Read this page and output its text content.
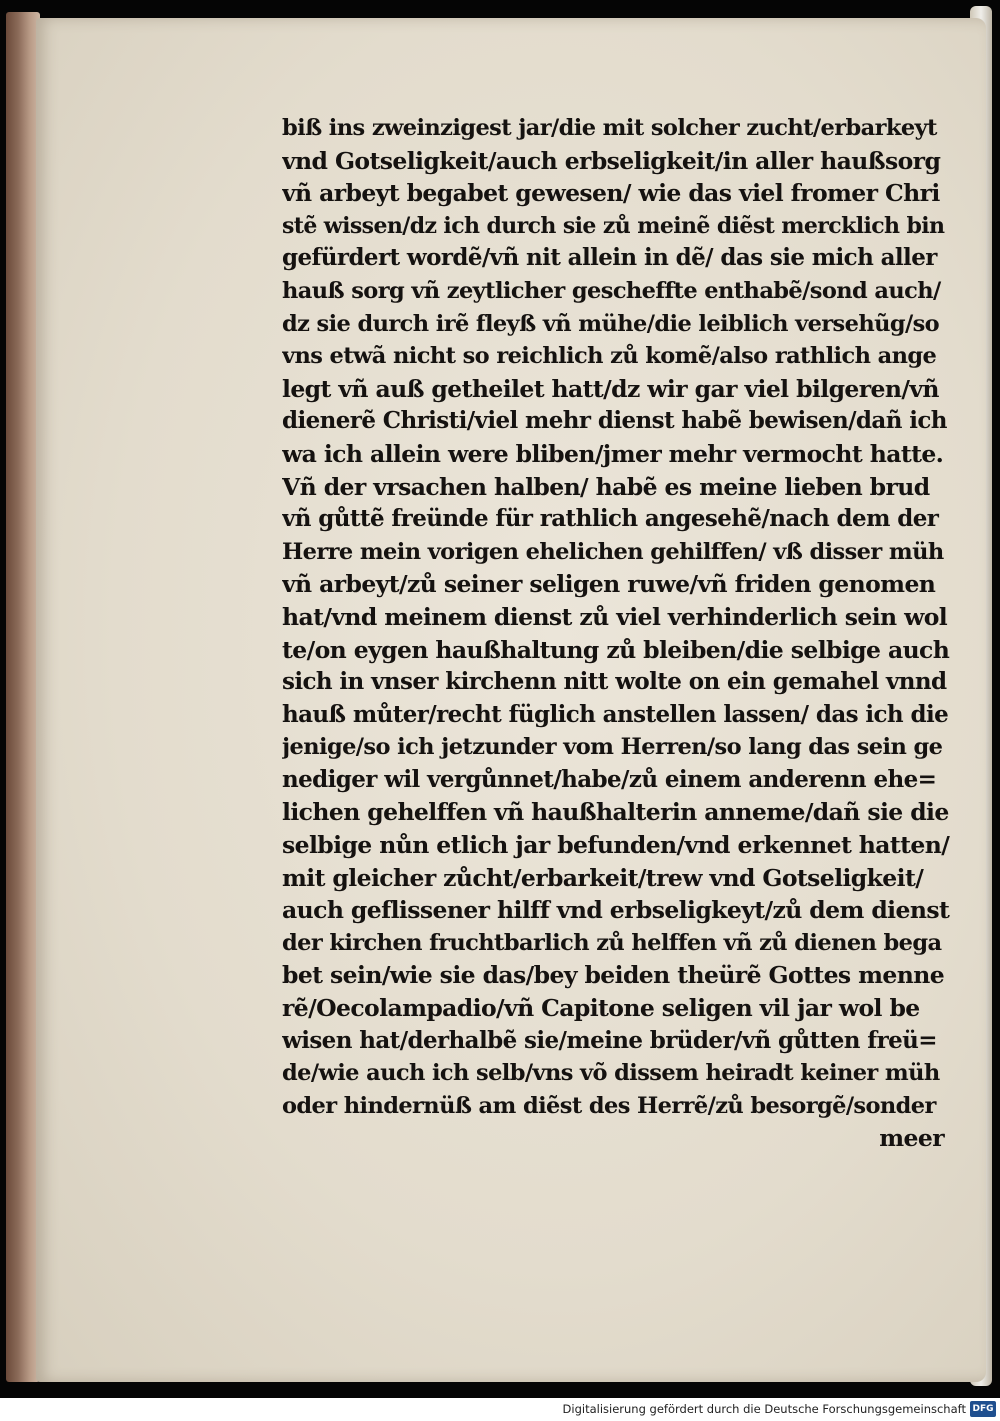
biß ins zweinzigest jar/die mit solcher zucht/erbarkeyt
vnd Gotseligkeit/auch erbseligkeit/in aller haußsorg
vñ arbeyt begabet gewesen/ wie das viel fromer Chri
stẽ wissen/dz ich durch sie zů meinẽ diẽst mercklich bin
gefürdert wordẽ/vñ nit allein in dẽ/ das sie mich aller
hauß sorg vñ zeytlicher gescheffte enthabẽ/sond auch/
dz sie durch irẽ fleyß vñ mühe/die leiblich versehũg/so
vns etwã nicht so reichlich zů komẽ/also rathlich ange
legt vñ auß getheilet hatt/dz wir gar viel bilgeren/vñ
dienerẽ Christi/viel mehr dienst habẽ bewisen/dañ ich
wa ich allein were bliben/jmer mehr vermocht hatte.
Vñ der vrsachen halben/ habẽ es meine lieben brud
vñ gůttẽ freünde für rathlich angesehẽ/nach dem der
Herre mein vorigen ehelichen gehilffen/ vß disser müh
vñ arbeyt/zů seiner seligen ruwe/vñ friden genomen
hat/vnd meinem dienst zů viel verhinderlich sein wol
te/on eygen haußhaltung zů bleiben/die selbige auch
sich in vnser kirchenn nitt wolte on ein gemahel vnnd
hauß můter/recht füglich anstellen lassen/ das ich die
jenige/so ich jetzunder vom Herren/so lang das sein ge
nediger wil vergůnnet/habe/zů einem anderenn ehe=
lichen gehelffen vñ haußhalterin anneme/dañ sie die
selbige nůn etlich jar befunden/vnd erkennet hatten/
mit gleicher zůcht/erbarkeit/trew vnd Gotseligkeit/
auch geflissener hilff vnd erbseligkeyt/zů dem dienst
der kirchen fruchtbarlich zů helffen vñ zů dienen bega
bet sein/wie sie das/bey beiden theürẽ Gottes menne
rẽ/Oecolampadio/vñ Capitone seligen vil jar wol be
wisen hat/derhalbẽ sie/meine brüder/vñ gůtten freü=
de/wie auch ich selb/vns võ dissem heiradt keiner müh
oder hindernüß am diẽst des Herrẽ/zů besorgẽ/sonder
meer
Digitalisierung gefördert durch die Deutsche Forschungsgemeinschaft DFG
